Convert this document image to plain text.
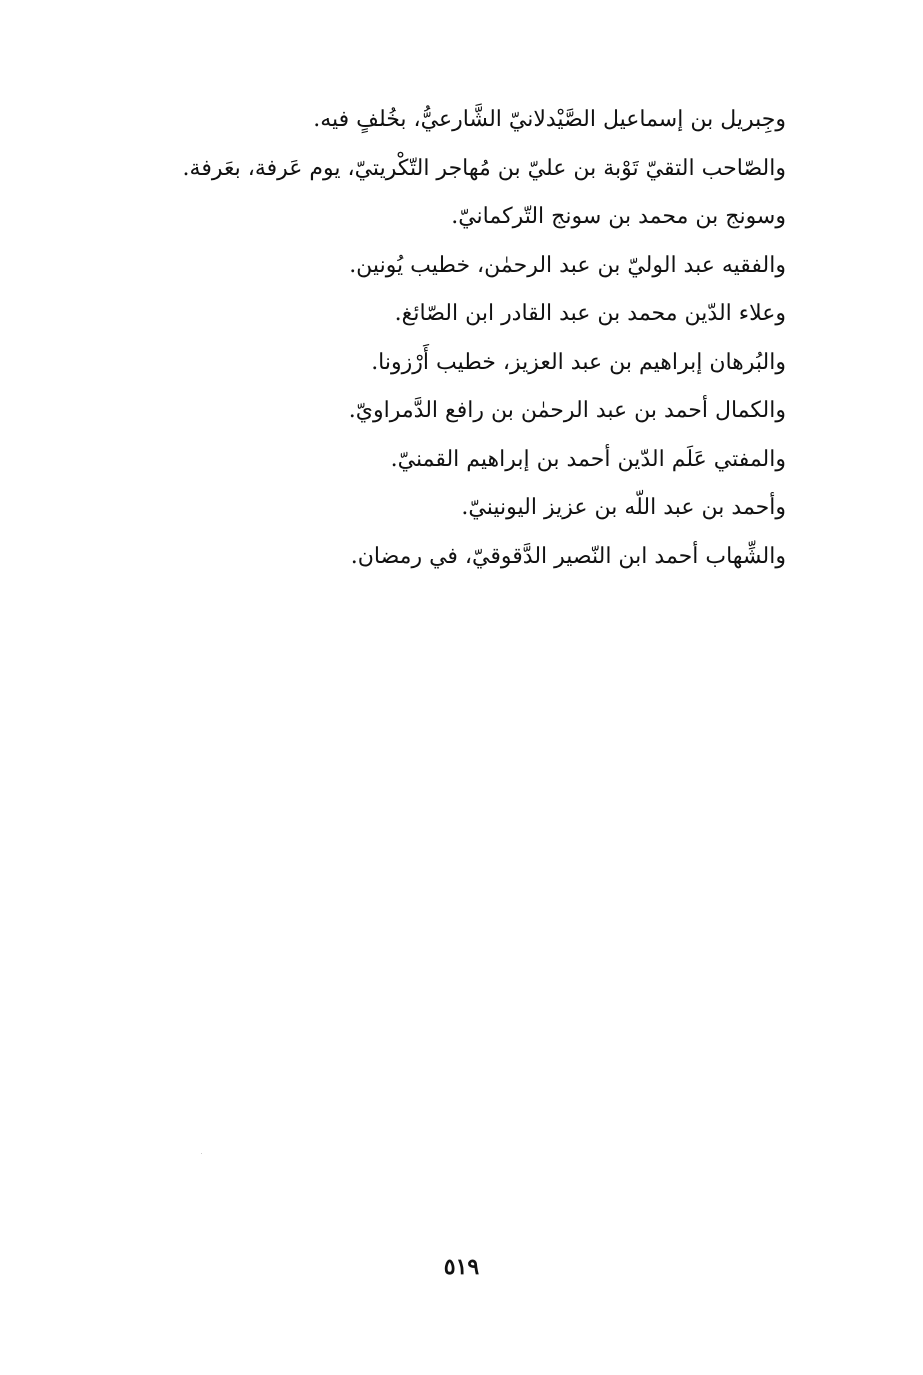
وجِبريل بن إسماعيل الصَّيْدلانيّ الشَّارعيُّ، بخُلفٍ فيه.
والصّاحب التقيّ تَوْبة بن عليّ بن مُهاجر التّكْريتيّ، يوم عَرفة، بعَرفة.
وسونج بن محمد بن سونج التّركمانيّ.
والفقيه عبد الوليّ بن عبد الرحمٰن، خطيب يُونين.
وعلاء الدّين محمد بن عبد القادر ابن الصّائغ.
والبُرهان إبراهيم بن عبد العزيز، خطيب أَرْزونا.
والكمال أحمد بن عبد الرحمٰن بن رافع الدَّمراويّ.
والمفتي عَلَم الدّين أحمد بن إبراهيم القمنيّ.
وأحمد بن عبد اللّه بن عزيز اليونينيّ.
والشِّهاب أحمد ابن النّصير الدَّقوقيّ، في رمضان.
٥١٩
